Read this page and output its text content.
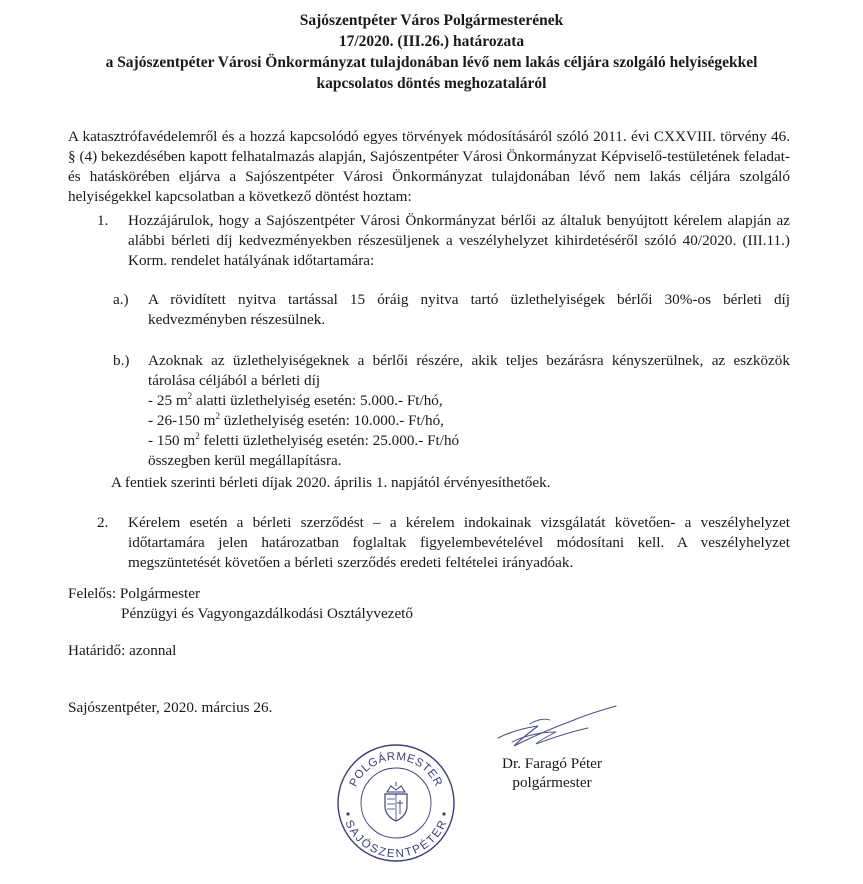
Sajószentpéter Város Polgármesterének
17/2020. (III.26.) határozata
a Sajószentpéter Városi Önkormányzat tulajdonában lévő nem lakás céljára szolgáló helyiségekkel
kapcsolatos döntés meghozataláról
A katasztrófavédelemről és a hozzá kapcsolódó egyes törvények módosításáról szóló 2011. évi CXXVIII. törvény 46. § (4) bekezdésében kapott felhatalmazás alapján, Sajószentpéter Városi Önkormányzat Képviselő-testületének feladat- és hatáskörében eljárva a Sajószentpéter Városi Önkormányzat tulajdonában lévő nem lakás céljára szolgáló helyiségekkel kapcsolatban a következő döntést hoztam:
1. Hozzájárulok, hogy a Sajószentpéter Városi Önkormányzat bérlői az általuk benyújtott kérelem alapján az alábbi bérleti díj kedvezményekben részesüljenek a veszélyhelyzet kihirdetéséről szóló 40/2020. (III.11.) Korm. rendelet hatályának időtartamára:
a.) A rövidített nyitva tartással 15 óráig nyitva tartó üzlethelyiségek bérlői 30%-os bérleti díj kedvezményben részesülnek.
b.) Azoknak az üzlethelyiségeknek a bérlői részére, akik teljes bezárásra kényszerülnek, az eszközök tárolása céljából a bérleti díj
- 25 $m^2$ alatti üzlethelyiség esetén: 5.000.- Ft/hó,
- 26-150 $m^2$ üzlethelyiség esetén: 10.000.- Ft/hó,
- 150 $m^2$ feletti üzlethelyiség esetén: 25.000.- Ft/hó
összegben kerül megállapításra.
A fentiek szerinti bérleti díjak 2020. április 1. napjától érvényesíthetőek.
2. Kérelem esetén a bérleti szerződést – a kérelem indokainak vizsgálatát követően- a veszélyhelyzet időtartamára jelen határozatban foglaltak figyelembevételével módosítani kell. A veszélyhelyzet megszüntetését követően a bérleti szerződés eredeti feltételei irányadóak.
Felelős: Polgármester
Pénzügyi és Vagyongazdálkodási Osztályvezető
Határidő: azonnal
Sajószentpéter, 2020. március 26.
Dr. Faragó Péter
polgármester
POLGÁRMESTER
SAJÓSZENTPÉTER
